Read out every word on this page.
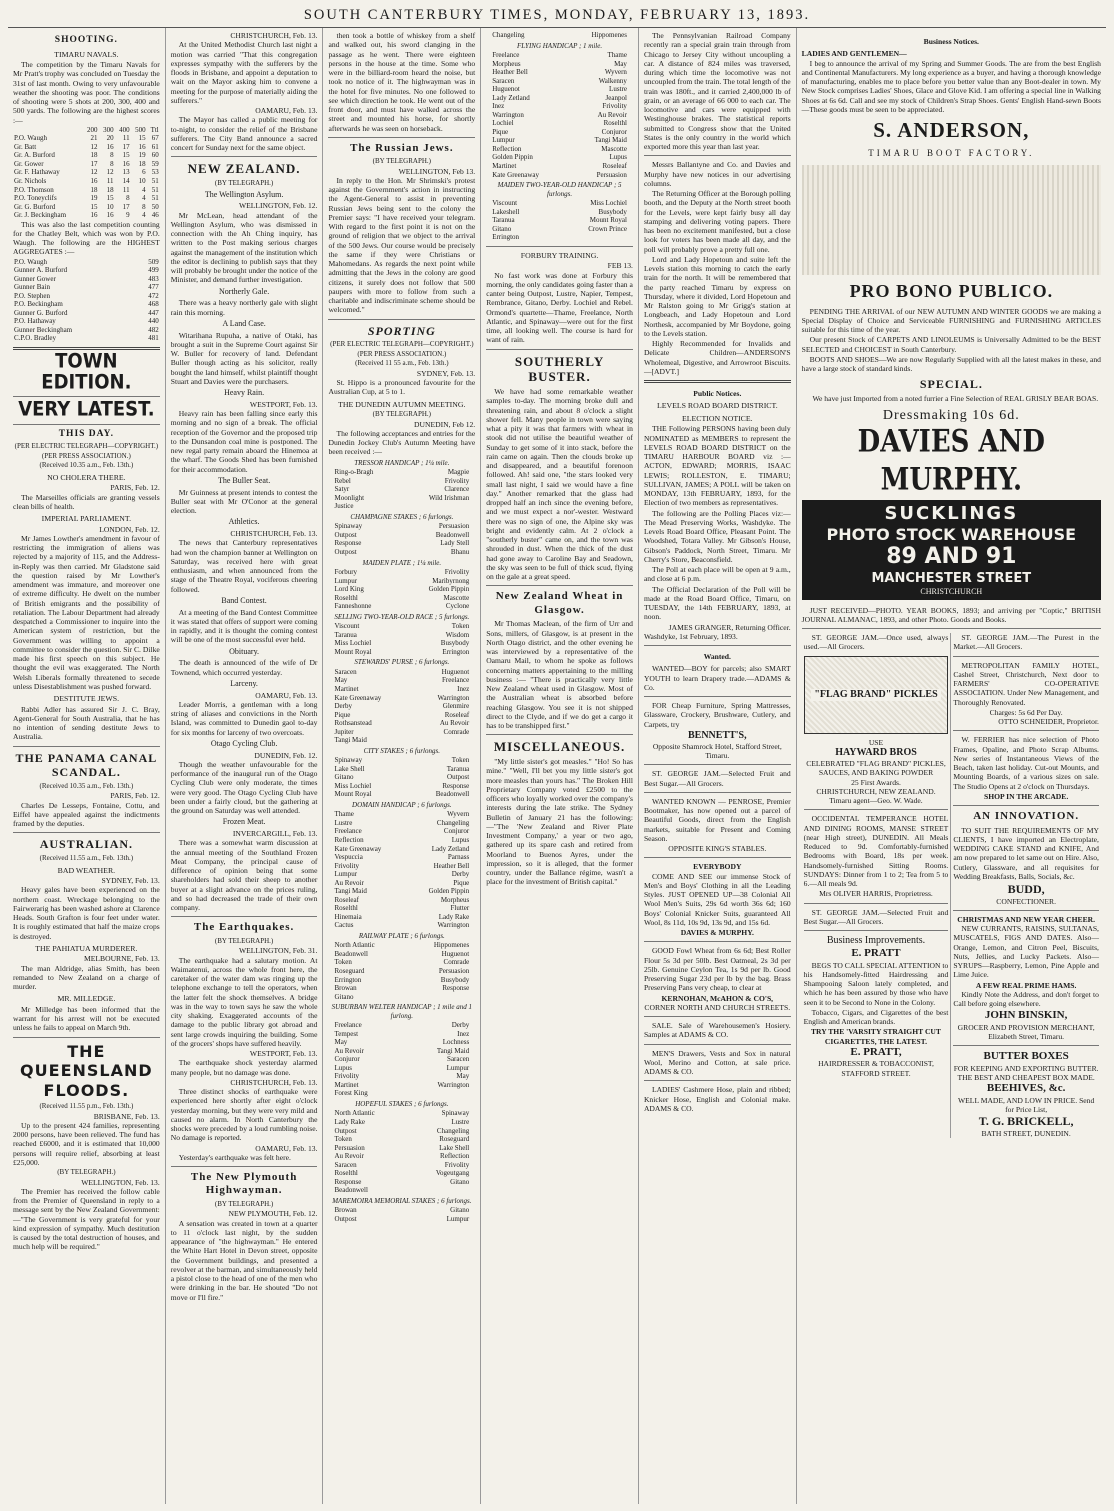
SOUTH CANTERBURY TIMES, MONDAY, FEBRUARY 13, 1893.
SHOOTING.
TIMARU NAVALS.

The competition by the Timaru Navals for Mr Pratt's trophy was concluded on Tuesday the 31st of last month. Owing to very unfavourable weather the shooting was poor. The conditions of shooting were 5 shots at 200, 300, 400 and 500 yards. The following are the highest scores :—

	200	300	400	500	Ttl
P.O. Waugh	21	20	11	15	67
Gr. Batt	12	16	17	16	61
Gr. A. Burford	18	8	15	19	60
Gr. Gower	17	8	16	18	59
Gr. F. Hathaway	12	12	13	6	53
Gr. Nichols	16	11	14	10	51
P.O. Thomson	18	18	11	4	51
P.O. Toneyclifs	19	15	8	4	51
Gr. G. Burford	15	10	17	8	50
Gr. J. Beckingham	16	16	9	4	46

This was also the last competition counting for the Chatley Belt, which was won by P.O. Waugh. The following are the HIGHEST AGGREGATES :—

P.O. Waugh	509
Gunner A. Burford	499
Gunner Gower	483
Gunner Bain	477
P.O. Stephen	472
P.O. Beckingham	468
Gunner G. Burford	447
P.O. Hathaway	440
Gunner Beckingham	482
C.P.O. Bradley	481
TOWN EDITION.
VERY LATEST.
THIS DAY.
(PER ELECTRIC TELEGRAPH—COPYRIGHT.)
(PER PRESS ASSOCIATION.)
(Received 10.35 a.m., Feb. 13th.)
NO CHOLERA THERE.
PARIS, Feb. 12.

The Marseilles officials are granting vessels clean bills of health.

IMPERIAL PARLIAMENT.
LONDON, Feb. 12.

Mr James Lowther's amendment in favour of restricting the immigration of aliens was rejected by a majority of 115, and the Address-in-Reply was then carried. Mr Gladstone said the question raised by Mr Lowther's amendment was immature, and moreover one of extreme difficulty. He dwelt on the number of British emigrants and the possibility of retaliation. The Labour Department had already despatched a Commissioner to inquire into the American system of restriction, but the Government was willing to appoint a committee to consider the question. Sir C. Dilke made his first speech on this subject. He thought the evil was exaggerated. The North Welsh Liberals formally threatened to secede unless Disestablishment was pushed forward.

DESTITUTE JEWS.

Rabbi Adler has assured Sir J. C. Bray, Agent-General for South Australia, that he has no intention of sending destitute Jews to Australia.

THE PANAMA CANAL SCANDAL.
(Received 10.35 a.m., Feb. 13th.)
PARIS, Feb. 12.

Charles De Lesseps, Fontaine, Cottu, and Eiffel have appealed against the indictments framed by the deputies.

AUSTRALIAN.
(Received 11.55 a.m., Feb. 13th.)
BAD WEATHER.
SYDNEY, Feb. 13.

Heavy gales have been experienced on the northern coast. Wreckage belonging to the Fairwerarig has been washed ashore at Clarence Heads. South Grafton is four feet under water. It is roughly estimated that half the maize crops is destroyed.

THE PAHIATUA MURDERER.
MELBOURNE, Feb. 13.

The man Aldridge, alias Smith, has been remanded to New Zealand on a charge of murder.

MR. MILLEDGE.

Mr Milledge has been informed that the warrant for his arrest will not be executed unless he fails to appeal on March 9th.

THE QUEENSLAND FLOODS.
(Received 11.55 p.m., Feb. 13th.)
BRISBANE, Feb. 13.

Up to the present 424 families, representing 2000 persons, have been relieved. The fund has reached £6000, and it is estimated that 10,000 persons will require relief, absorbing at least £25,000.

(BY TELEGRAPH.)
WELLINGTON, Feb. 13.

The Premier has received the follow cable from the Premier of Queensland in reply to a message sent by the New Zealand Government:—"The Government is very grateful for your kind expression of sympathy. Much destitution is caused by the total destruction of houses, and much help will be required."

CHRISTCHURCH, Feb. 13.

At the United Methodist Church last night a motion was carried "That this congregation expresses sympathy with the sufferers by the floods in Brisbane, and appoint a deputation to wait on the Mayor asking him to convene a meeting for the purpose of materially aiding the sufferers."

OAMARU, Feb. 13.

The Mayor has called a public meeting for to-night, to consider the relief of the Brisbane sufferers. The City Band announce a sacred concert for Sunday next for the same object.

NEW ZEALAND.
(BY TELEGRAPH.)
The Wellington Asylum.
WELLINGTON, Feb. 12.

Mr McLean, head attendant of the Wellington Asylum, who was dismissed in connection with the Ah Ching inquiry, has written to the Post making serious charges against the management of the institution which the editor is declining to publish says that they will probably be brought under the notice of the Minister, and demand further investigation.

Northerly Gale.

There was a heavy northerly gale with slight rain this morning.

A Land Case.

Witarihana Rupuha, a native of Otaki, has brought a suit in the Supreme Court against Sir W. Buller for recovery of land. Defendant Buller though acting as his solicitor, really bought the land himself, whilst plaintiff thought Stuart and Davies were the purchasers.

Heavy Rain.
WESTPORT, Feb. 13.

Heavy rain has been falling since early this morning and no sign of a break. The official reception of the Governor and the proposed trip to the Dunsandon coal mine is postponed. The new regal party remain aboard the Hinemoa at the wharf. The Goods Shed has been furnished for their accommodation.

The Buller Seat.

Mr Guinness at present intends to contest the Buller seat with Mr O'Conor at the general election.

Athletics.
CHRISTCHURCH, Feb. 13.

The news that Canterbury representatives had won the champion banner at Wellington on Saturday, was received here with great enthusiasm, and when announced from the stage of the Theatre Royal, vociferous cheering followed.

Band Contest.

At a meeting of the Band Contest Committee it was stated that offers of support were coming in rapidly, and it is thought the coming contest will be one of the most successful ever held.

Obituary.

The death is announced of the wife of Dr Townend, which occurred yesterday.

Larceny.
OAMARU, Feb. 13.

Leader Morris, a gentleman with a long string of aliases and convictions in the North Island, was committed to Dunedin gaol to-day for six months for larceny of two overcoats.

Otago Cycling Club.
DUNEDIN, Feb. 12.

Though the weather unfavourable for the performance of the inaugural run of the Otago Cycling Club were only moderate, the times were very good. The Otago Cycling Club have been under a fairly cloud, but the gathering at the ground on Saturday was well attended.

Frozen Meat.
INVERCARGILL, Feb. 13.

There was a somewhat warm discussion at the annual meeting of the Southland Frozen Meat Company, the principal cause of difference of opinion being that some shareholders had sold their sheep to another buyer at a slight advance on the prices ruling, and so had decreased the trade of their own company.

The Earthquakes.
(BY TELEGRAPH.)
WELLINGTON, Feb. 31.

The earthquake had a salutary motion. At Waimatenui, across the whole front here, the caretaker of the water dam was ringing up the telephone exchange to tell the operators, when the latter felt the shock themselves. A bridge was in the way to town says he saw the whole city shaking. Exaggerated accounts of the damage to the public library got abroad and sent large crowds inquiring the building. Some of the grocers' shops have suffered heavily.

WESTPORT, Feb. 13.

The earthquake shock yesterday alarmed many people, but no damage was done.

CHRISTCHURCH, Feb. 13.

Three distinct shocks of earthquake were experienced here shortly after eight o'clock yesterday morning, but they were very mild and caused no alarm. In North Canterbury the shocks were preceded by a loud rumbling noise. No damage is reported.

OAMARU, Feb. 13.

Yesterday's earthquake was felt here.

The New Plymouth Highwayman.
(BY TELEGRAPH.)
NEW PLYMOUTH, Feb. 12.

A sensation was created in town at a quarter to 11 o'clock last night, by the sudden appearance of "the highwayman." He entered the White Hart Hotel in Devon street, opposite the Government buildings, and presented a revolver at the barman, and simultaneously held a pistol close to the head of one of the men who were drinking in the bar. He shouted "Do not move or I'll fire."

then took a bottle of whiskey from a shelf and walked out, his sword clanging in the passage as he went. There were eighteen persons in the house at the time. Some who were in the billiard-room heard the noise, but took no notice of it. The highwayman was in the hotel for five minutes. No one followed to see which direction he took. He went out of the front door, and must have walked across the street and mounted his horse, for shortly afterwards he was seen on horseback.

The Russian Jews.
(BY TELEGRAPH.)
WELLINGTON, Feb 13.

In reply to the Hon. Mr Shrimski's protest against the Government's action in instructing the Agent-General to assist in preventing Russian Jews being sent to the colony the Premier says: "I have received your telegram. With regard to the first point it is not on the ground of religion that we object to the arrival of the 500 Jews. Our course would be precisely the same if they were Christians or Mahomedans. As regards the next point while admitting that the Jews in the colony are good citizens, it surely does not follow that 500 paupers with more to follow from such a charitable and indiscriminate scheme should be welcomed."

SPORTING
(PER ELECTRIC TELEGRAPH—COPYRIGHT.)
(PER PRESS ASSOCIATION.)
(Received 11 55 a.m., Feb. 13th.)
SYDNEY, Feb. 13.

St. Hippo is a pronounced favourite for the Australian Cup, at 5 to 1.

THE DUNEDIN AUTUMN MEETING.
(BY TELEGRAPH.)
DUNEDIN, Feb 12.

The following acceptances and entries for the Dunedin Jockey Club's Autumn Meeting have been received :—

TRESSOR HANDICAP ; 1¼ mile.
Ring-o-Bragh	Magpie
Rebel	Frivolity
Satyr	Clarence
Moonlight	Wild Irishman
Justice
CHAMPAGNE STAKES ; 6 furlongs.
Spinaway	Persuasion
Outpost	Beadonwell
Response	Lady Stell
Outpost	Bhanu
MAIDEN PLATE ; 1¼ mile.
Forbury	Frivolity
Lumpur	Maribyrnong
Lord King	Golden Pippin
Roselthl	Mascotte
Fanneshonne	Cyclone
SELLING TWO-YEAR-OLD RACE ; 5 furlongs.
Viscount	Token
Taranua	Wisdom
Miss Lochiel	Busybody
Mount Royal	Errington
STEWARDS' PURSE ; 6 furlongs.
Saracen	Huguenot
May	Freelance
Martinet	Inez
Kate Greenaway	Warrington
Derby	Glenmire
Pique	Roseleaf
Rothsanstead	Au Revoir
Jupiter	Comrade
Tangi Maid
CITY STAKES ; 6 furlongs.
Spinaway	Token
Lake Shell	Taranua
Gitano	Outpost
Miss Lochiel	Response
Mount Royal	Beadonwell
DOMAIN HANDICAP ; 6 furlongs.
Thame	Wyvern
Lustre	Changeling
Freelance	Conjuror
Reflection	Lupus
Kate Greenaway	Lady Zetland
Vespuccia	Parnass
Frivolity	Heather Bell
Lumpur	Derby
Au Revoir	Pique
Tangi Maid	Golden Pippin
Roseleaf	Morpheus
Roselthl	Flutter
Hinemaia	Lady Rake
Cactus	Warrington
RAILWAY PLATE ; 6 furlongs.
North Atlantic	Hippomenes
Beadonwell	Huguenot
Token	Comrade
Roseguard	Persuasion
Errington	Busybody
Browan	Response
Gitano
SUBURBAN WELTER HANDICAP ; 1 mile and 1 furlong.
Freelance	Derby
Tempest	Inez
May	Lochness
Au Revoir	Tangi Maid
Conjuror	Saracen
Lupus	Lumpur
Frivolity	May
Martinet	Warrington
Forest King
HOPEFUL STAKES ; 6 furlongs.
North Atlantic	Spinaway
Lady Rake	Lustre
Outpost	Changeling
Token	Roseguard
Persuasion	Lake Shell
Au Revoir	Reflection
Saracen	Frivolity
Roselthl	Vogeutgang
Response	Gitano
Beadonwell
MAREMOIRA MEMORIAL STAKES ; 6 furlongs.
Browan	Gitano
Outpost	Lumpur
Changeling	Hippomenes
FLYING HANDICAP ; 1 mile.
Freelance	Thame
Morpheus	May
Heather Bell	Wyvern
Saracen	Walkenny
Huguenot	Lustre
Lady Zetland	Jeanpol
Inez	Frivolity
Warrington	Au Revoir
Lochiel	Roselthl
Pique	Conjuror
Lumpur	Tangi Maid
Reflection	Mascotte
Golden Pippin	Lupus
Martinet	Roseleaf
Kate Greenaway	Persuasion
MAIDEN TWO-YEAR-OLD HANDICAP ; 5 furlongs.
Viscount	Miss Lochiel
Lakeshell	Busybody
Taranua	Mount Royal
Gitano	Crown Prince
Errington
FORBURY TRAINING.
FEB 13.

No fast work was done at Forbury this morning, the only candidates going faster than a canter being Outpost, Lustre, Napier, Tempest, Rembrance, Gitano, Derby. Lochiel and Rebel. Ormond's quartette—Thame, Freelance, North Atlantic, and Spinaway—were out for the first time, all looking well. The course is hard for want of rain.

SOUTHERLY BUSTER.

We have had some remarkable weather samples to-day. The morning broke dull and threatening rain, and about 8 o'clock a slight shower fell. Many people in town were saying what a pity it was that farmers with wheat in stook did not utilise the beautiful weather of Sunday to get some of it into stack, before the rain came on again. Then the clouds broke up and disappeared, and a beautiful forenoon followed. Ah! said one, "the stars looked very small last night, I said we would have a fine day." Another remarked that the glass had dropped half an inch since the evening before, and we must expect a nor'-wester. Westward there was no sign of one, the Alpine sky was bright and evidently calm. At 2 o'clock a "southerly buster" came on, and the town was shrouded in dust. When the thick of the dust had gone away to Caroline Bay and Seadown, the sky was seen to be full of thick scud, flying on the gale at a great speed.

New Zealand Wheat in Glasgow.

Mr Thomas Maclean, of the firm of Urr and Sons, millers, of Glasgow, is at present in the North Otago district, and the other evening he was interviewed by a representative of the Oamaru Mail, to whom he spoke as follows concerning matters appertaining to the milling business :— "There is practically very little New Zealand wheat used in Glasgow. Most of the Australian wheat is absorbed before reaching Glasgow. You see it is not shipped direct to the Clyde, and if we do get a cargo it has to be transhipped first."

MISCELLANEOUS.

"My little sister's got measles." "Ho! So has mine." "Well, I'll bet you my little sister's got more measles than yours has." The Broken Hill Proprietary Company voted £2500 to the officers who loyally worked over the company's interests during the late strike. The Sydney Bulletin of January 21 has the following:—"The 'New Zealand and River Plate Investment Company,' a year or two ago, gathered up its spare cash and retired from Moorland to Buenos Ayres, under the impression, so it is alleged, that the former country, under the Ballance régime, wasn't a place for the investment of British capital."

The Pennsylvanian Railroad Company recently ran a special grain train through from Chicago to Jersey City without uncoupling a car. A distance of 824 miles was traversed, during which time the locomotive was not uncoupled from the train. The total length of the train was 180ft., and it carried 2,400,000 lb of grain, or an average of 66 000 to each car. The locomotive and cars were equipped with Westinghouse brakes. The statistical reports submitted to Congress show that the United States is the only country in the world which exported more this year than last year.

Messrs Ballantyne and Co. and Davies and Murphy have new notices in our advertising columns.

The Returning Officer at the Borough polling booth, and the Deputy at the North street booth for the Levels, were kept fairly busy all day stamping and delivering voting papers. There has been no excitement manifested, but a close look for voters has been made all day, and the poll will probably prove a pretty full one.

Lord and Lady Hopetoun and suite left the Levels station this morning to catch the early train for the north. It will be remembered that the party reached Timaru by express on Thursday, where it divided, Lord Hopetoun and Mr Ralston going to Mr Grigg's station at Longbeach, and Lady Hopetoun and Lord Northesk, accompanied by Mr Boydone, going to the Levels station.

Highly Recommended for Invalids and Delicate Children—ANDERSON'S Wholemeal, Digestive, and Arrowroot Biscuits.—[ADVT.]

Public Notices.
LEVELS ROAD BOARD DISTRICT.
ELECTION NOTICE.

THE Following PERSONS having been duly NOMINATED as MEMBERS to represent the LEVELS ROAD BOARD DISTRICT on the TIMARU HARBOUR BOARD viz :— ACTON, EDWARD; MORRIS, ISAAC LEWIS; ROLLESTON, E. TIMARU; SULLIVAN, JAMES; A POLL will be taken on MONDAY, 13th FEBRUARY, 1893, for the Election of two members as representatives.

The following are the Polling Places viz:— The Mead Preserving Works, Washdyke. The Levels Road Board Office, Pleasant Point. The Woodshed, Totara Valley. Mr Gibson's House, Gibson's Paddock, North Street, Timaru. Mr Cherry's Store, Beaconsfield.

The Poll at each place will be open at 9 a.m., and close at 6 p.m.

The Official Declaration of the Poll will be made at the Road Board Office, Timaru, on TUESDAY, the 14th FEBRUARY, 1893, at noon.

JAMES GRANGER, Returning Officer.
Washdyke, 1st February, 1893.
Wanted.

WANTED—BOY for parcels; also SMART YOUTH to learn Drapery trade.—ADAMS & Co.

FOR Cheap Furniture, Spring Mattresses, Glassware, Crockery, Brushware, Cutlery, and Carpets, try

BENNETT'S,
Opposite Shamrock Hotel, Stafford Street, Timaru.

ST. GEORGE JAM.—Selected Fruit and Best Sugar.—All Grocers.

WANTED KNOWN — PENROSE, Premier Bootmaker, has now opened out a parcel of Beautiful Goods, direct from the English markets, suitable for Present and Coming Season.

OPPOSITE KING'S STABLES.
EVERYBODY

COME AND SEE our immense Stock of Men's and Boys' Clothing in all the Leading Styles. JUST OPENED UP—38 Colonial All Wool Men's Suits, 29s 6d worth 36s 6d; 160 Boys' Colonial Knicker Suits, guaranteed All Wool, 8s 11d, 10s 9d, 13s 9d, and 15s 6d.

DAVIES & MURPHY.

GOOD Fowl Wheat from 6s 6d; Best Roller Flour 5s 3d per 50lb. Best Oatmeal, 2s 3d per 25lb. Genuine Ceylon Tea, 1s 9d per lb. Good Preserving Sugar 23d per lb by the bag. Brass Preserving Pans very cheap, to clear at

KERNOHAN, McAHON & CO'S,
CORNER NORTH AND CHURCH STREETS.

SALE. Sale of Warehousemen's Hosiery. Samples at ADAMS & CO.

MEN'S Drawers, Vests and Sox in natural Wool, Merino and Cotton, at sale price. ADAMS & CO.

LADIES' Cashmere Hose, plain and ribbed; Knicker Hose, English and Colonial make. ADAMS & CO.

Business Notices.
LADIES AND GENTLEMEN—

I beg to announce the arrival of my Spring and Summer Goods. The are from the best English and Continental Manufacturers. My long experience as a buyer, and having a thorough knowledge of manufacturing, enables me to place before you better value than any Boot-dealer in town. My New Stock comprises Ladies' Shoes, Glace and Glove Kid. I am offering a special line in Walking Shoes at 6s 6d. Call and see my stock of Children's Strap Shoes. Gents' English Hand-sewn Boots—These goods must be seen to be appreciated.

S. ANDERSON,
TIMARU BOOT FACTORY.
PRO BONO PUBLICO.

PENDING THE ARRIVAL of our NEW AUTUMN AND WINTER GOODS we are making a Special Display of Choice and Serviceable FURNISHING and FURNISHING ARTICLES suitable for this time of the year.

Our present Stock of CARPETS AND LINOLEUMS is Universally Admitted to be the BEST SELECTED and CHOICEST in South Canterbury.

BOOTS AND SHOES—We are now Regularly Supplied with all the latest makes in these, and have a large stock of standard kinds.

SPECIAL.

We have just Imported from a noted furrier a Fine Selection of REAL GRISLY BEAR BOAS.

Dressmaking 10s 6d.
DAVIES AND MURPHY.
SUCKLINGS
PHOTO STOCK WAREHOUSE
89 AND 91
MANCHESTER STREET
CHRISTCHURCH

JUST RECEIVED—PHOTO. YEAR BOOKS, 1893; and arriving per "Coptic," BRITISH JOURNAL ALMANAC, 1893, and other Photo. Goods and Books.

ST. GEORGE JAM.—Once used, always used.—All Grocers.

"FLAG BRAND" PICKLES
USE
HAYWARD BROS
CELEBRATED "FLAG BRAND" PICKLES, SAUCES, AND BAKING POWDER
25 First Awards.
CHRISTCHURCH, NEW ZEALAND.
Timaru agent—Geo. W. Wade.

OCCIDENTAL TEMPERANCE HOTEL AND DINING ROOMS, MANSE STREET (near High street), DUNEDIN. All Meals Reduced to 9d. Comfortably-furnished Bedrooms with Board, 18s per week. Handsomely-furnished Sitting Rooms. SUNDAYS: Dinner from 1 to 2; Tea from 5 to 6.—All meals 9d.

Mrs OLIVER HARRIS, Proprietress.

ST. GEORGE JAM.—Selected Fruit and Best Sugar.—All Grocers.

Business Improvements.
E. PRATT

BEGS TO CALL SPECIAL ATTENTION to his Handsomely-fitted Hairdressing and Shampooing Saloon lately completed, and which he has been assured by those who have seen it to be Second to None in the Colony.

Tobacco, Cigars, and Cigarettes of the best English and American brands.

TRY THE 'VARSITY STRAIGHT CUT CIGARETTES, THE LATEST.
E. PRATT,
HAIRDRESSER & TOBACCONIST,
STAFFORD STREET.

ST. GEORGE JAM.—The Purest in the Market.—All Grocers.

METROPOLITAN FAMILY HOTEL, Cashel Street, Christchurch, Next door to FARMERS' CO-OPERATIVE ASSOCIATION. Under New Management, and Thoroughly Renovated.

Charges: 5s 6d Per Day.
OTTO SCHNEIDER, Proprietor.

W. FERRIER has nice selection of Photo Frames, Opaline, and Photo Scrap Albums. New series of Instantaneous Views of the Beach, taken last holiday. Cut-out Mounts, and Mounting Boards, of a various sizes on sale. The Studio Opens at 2 o'clock on Thursdays.

SHOP IN THE ARCADE.
AN INNOVATION.

TO SUIT THE REQUIREMENTS OF MY CLIENTS, I have imported an Electroplate, WEDDING CAKE STAND and KNIFE, And am now prepared to let same out on Hire. Also, Cutlery, Glassware, and all requisites for Wedding Breakfasts, Balls, Socials, &c.

BUDD,
CONFECTIONER.
CHRISTMAS AND NEW YEAR CHEER.

NEW CURRANTS, RAISINS, SULTANAS, MUSCATELS, FIGS AND DATES. Also—Orange, Lemon, and Citron Peel, Biscuits, Nuts, Jellies, and Lucky Packets. Also—SYRUPS—Raspberry, Lemon, Pine Apple and Lime Juice.

A FEW REAL PRIME HAMS.

Kindly Note the Address, and don't forget to Call before going elsewhere.

JOHN BINSKIN,
GROCER AND PROVISION MERCHANT, Elizabeth Street, Timaru.
BUTTER BOXES
FOR KEEPING AND EXPORTING BUTTER. THE BEST AND CHEAPEST BOX MADE.
BEEHIVES, &c.
WELL MADE, AND LOW IN PRICE. Send for Price List,
T. G. BRICKELL,
BATH STREET, DUNEDIN.
